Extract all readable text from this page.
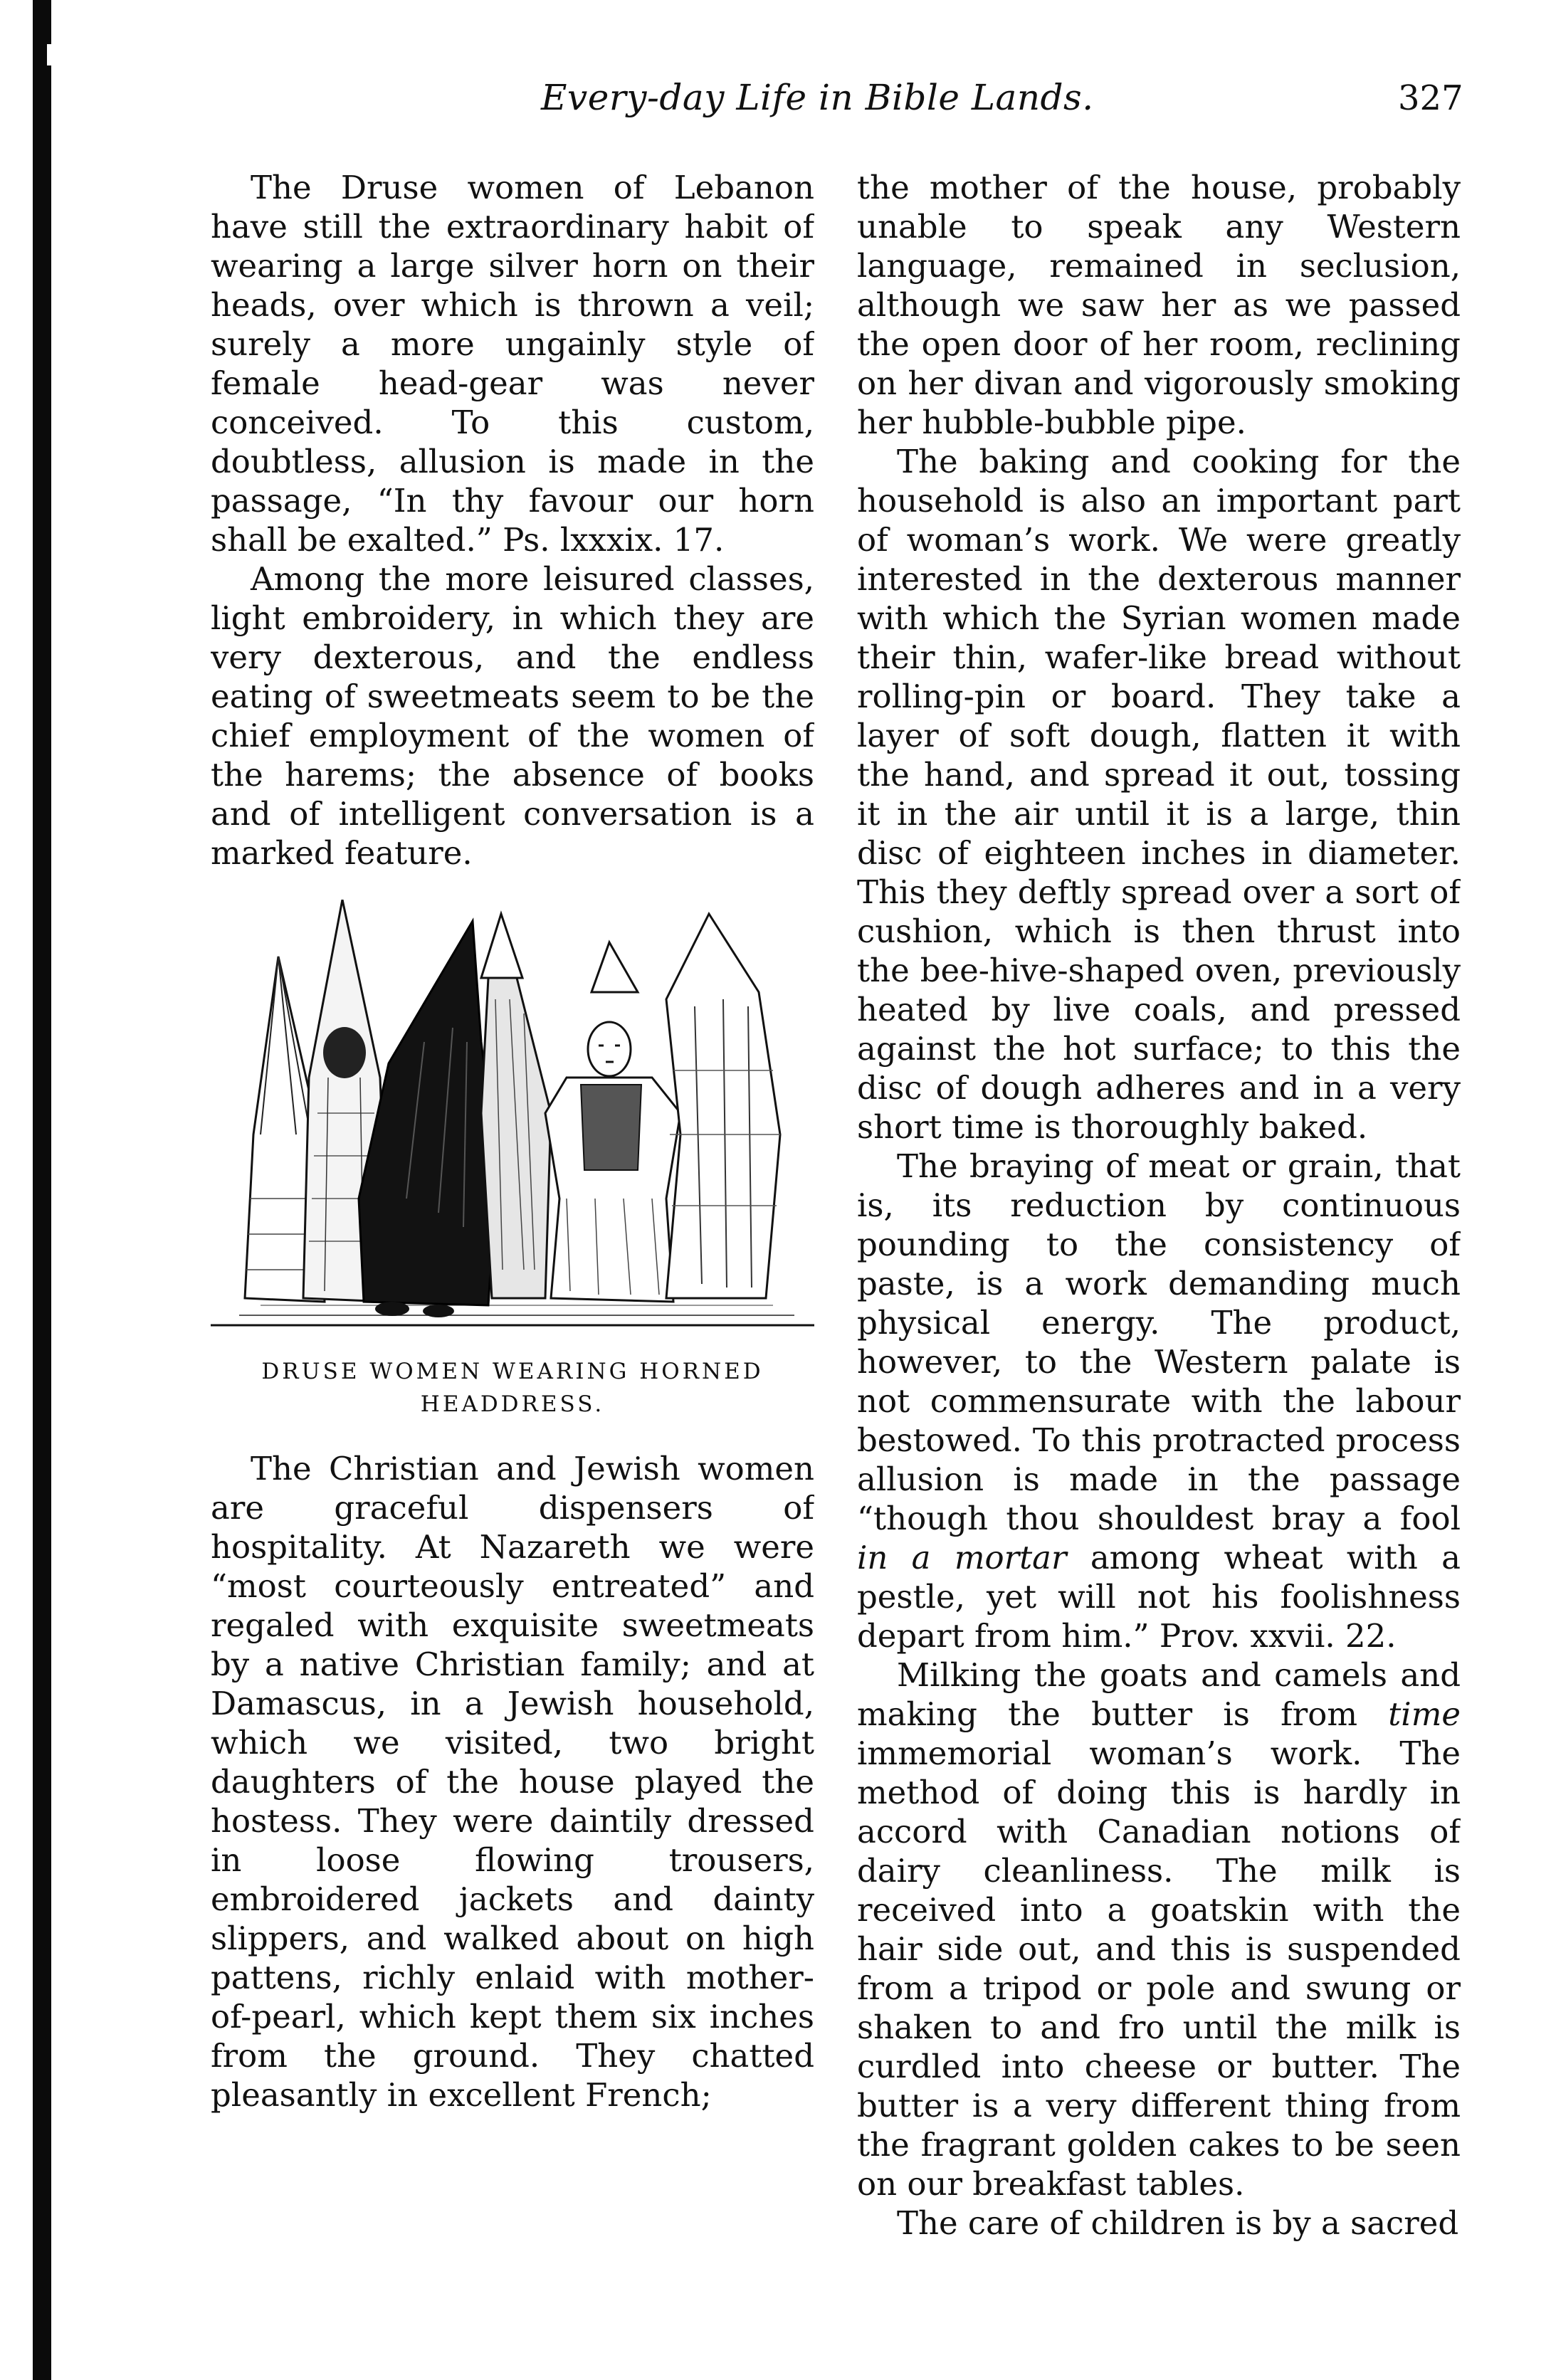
Every-day Life in Bible Lands.	327

The Druse women of Lebanon have still the extraordinary habit of wearing a large silver horn on their heads, over which is thrown a veil; surely a more ungainly style of female head-gear was never conceived. To this custom, doubtless, allusion is made in the passage, “In thy favour our horn shall be exalted.” Ps. lxxxix. 17.

Among the more leisured classes, light embroidery, in which they are very dexterous, and the endless eating of sweetmeats seem to be the chief employment of the women of the harems; the absence of books and of intelligent conversation is a marked feature.

DRUSE WOMEN WEARING HORNED HEADDRESS.

The Christian and Jewish women are graceful dispensers of hospitality. At Nazareth we were “most courteously entreated” and regaled with exquisite sweetmeats by a native Christian family; and at Damascus, in a Jewish household, which we visited, two bright daughters of the house played the hostess. They were daintily dressed in loose flowing trousers, embroidered jackets and dainty slippers, and walked about on high pattens, richly enlaid with mother-of-pearl, which kept them six inches from the ground. They chatted pleasantly in excellent French;

the mother of the house, probably unable to speak any Western language, remained in seclusion, although we saw her as we passed the open door of her room, reclining on her divan and vigorously smoking her hubble-bubble pipe.

The baking and cooking for the household is also an important part of woman’s work. We were greatly interested in the dexterous manner with which the Syrian women made their thin, wafer-like bread without rolling-pin or board. They take a layer of soft dough, flatten it with the hand, and spread it out, tossing it in the air until it is a large, thin disc of eighteen inches in diameter. This they deftly spread over a sort of cushion, which is then thrust into the bee-hive-shaped oven, previously heated by live coals, and pressed against the hot surface; to this the disc of dough adheres and in a very short time is thoroughly baked.

The braying of meat or grain, that is, its reduction by continuous pounding to the consistency of paste, is a work demanding much physical energy. The product, however, to the Western palate is not commensurate with the labour bestowed. To this protracted process allusion is made in the passage “though thou shouldest bray a fool in a mortar among wheat with a pestle, yet will not his foolishness depart from him.” Prov. xxvii. 22.

Milking the goats and camels and making the butter is from time immemorial woman’s work. The method of doing this is hardly in accord with Canadian notions of dairy cleanliness. The milk is received into a goatskin with the hair side out, and this is suspended from a tripod or pole and swung or shaken to and fro until the milk is curdled into cheese or butter. The butter is a very different thing from the fragrant golden cakes to be seen on our breakfast tables.

The care of children is by a sacred
